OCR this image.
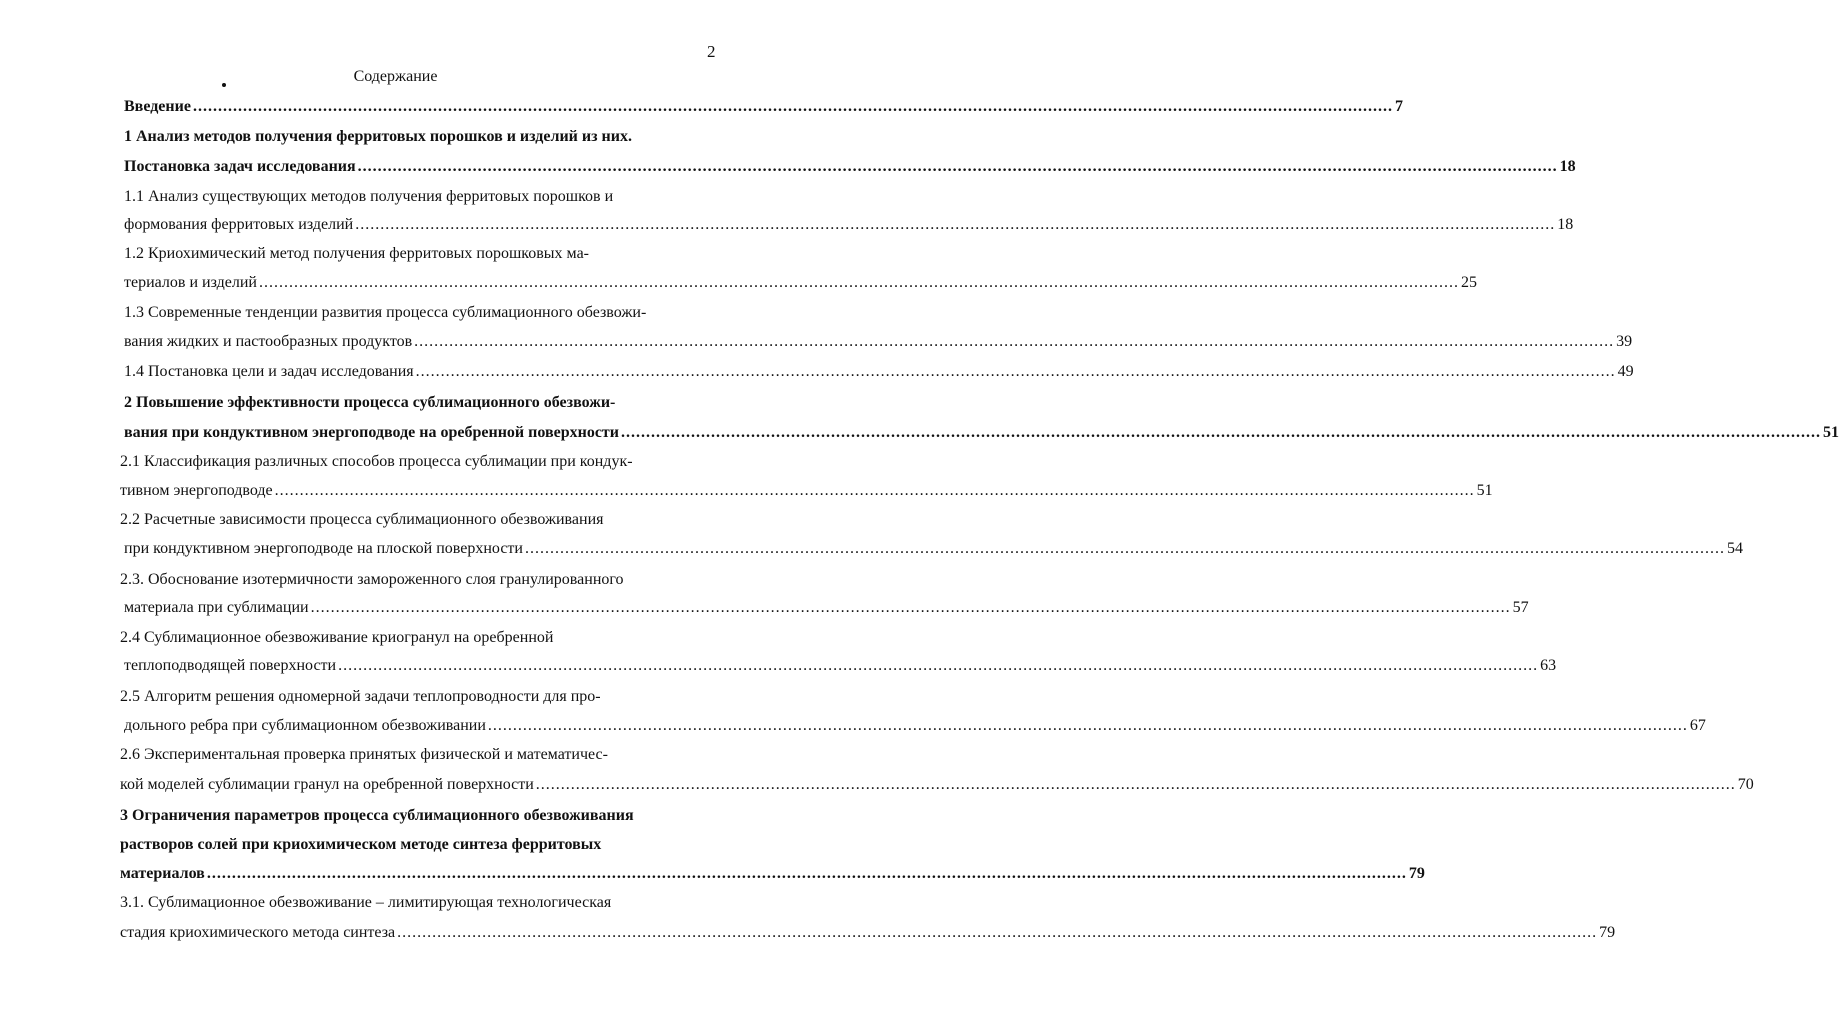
2
Содержание
Введение .....	7
1 Анализ методов получения ферритовых порошков и изделий из них.
Постановка задач исследования .....	18
1.1 Анализ существующих методов получения ферритовых порошков и
формования ферритовых изделий .....	18
1.2 Криохимический метод получения ферритовых порошковых ма-
териалов и изделий .....	25
1.3 Современные тенденции развития процесса сублимационного обезвожи-
вания жидких и пастообразных продуктов .....	39
1.4 Постановка цели и задач исследования .....	49
2 Повышение эффективности процесса сублимационного обезвожи-
вания при кондуктивном энергоподводе на оребренной поверхности .....	51
2.1 Классификация различных способов процесса сублимации при кондук-
тивном энергоподводе .....	51
2.2 Расчетные зависимости процесса сублимационного обезвоживания
при кондуктивном энергоподводе на плоской поверхности .....	54
2.3. Обоснование изотермичности замороженного слоя гранулированного
материала при сублимации .....	57
2.4 Сублимационное обезвоживание криогранул на оребренной
теплоподводящей поверхности .....	63
2.5 Алгоритм решения одномерной задачи теплопроводности для про-
дольного ребра при сублимационном обезвоживании .....	67
2.6 Экспериментальная проверка принятых физической и математичес-
кой моделей сублимации гранул на оребренной поверхности .....	70
3 Ограничения параметров процесса сублимационного обезвоживания
растворов солей при криохимическом методе синтеза ферритовых
материалов .....	79
3.1. Сублимационное обезвоживание – лимитирующая технологическая
стадия криохимического метода синтеза .....	79
